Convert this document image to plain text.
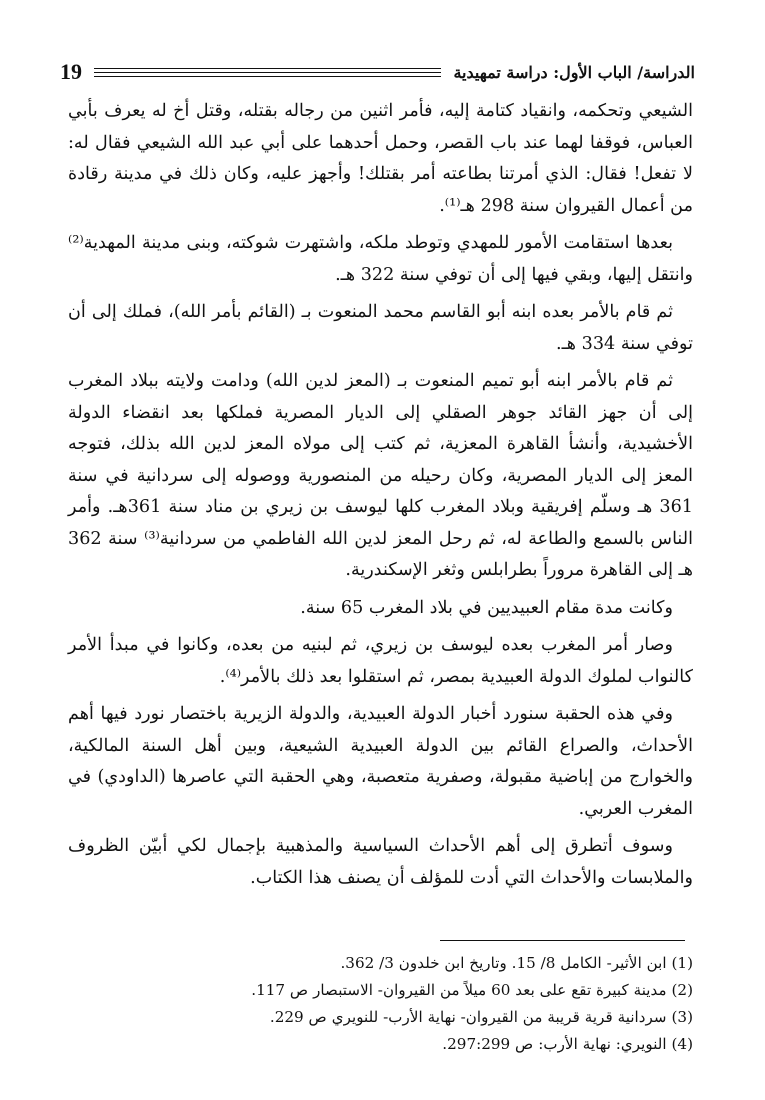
19	الدراسة/ الباب الأول: دراسة تمهيدية

الشيعي وتحكمه، وانقياد كتامة إليه، فأمر اثنين من رجاله بقتله، وقتل أخ له يعرف بأبي العباس، فوقفا لهما عند باب القصر، وحمل أحدهما على أبي عبد الله الشيعي فقال له: لا تفعل! فقال: الذي أمرتنا بطاعته أمر بقتلك! وأجهز عليه، وكان ذلك في مدينة رقادة من أعمال القيروان سنة 298 هـ⁽¹⁾.

بعدها استقامت الأمور للمهدي وتوطد ملكه، واشتهرت شوكته، وبنى مدينة المهدية⁽²⁾ وانتقل إليها، وبقي فيها إلى أن توفي سنة 322 هـ.

ثم قام بالأمر بعده ابنه أبو القاسم محمد المنعوت بـ (القائم بأمر الله)، فملك إلى أن توفي سنة 334 هـ.

ثم قام بالأمر ابنه أبو تميم المنعوت بـ (المعز لدين الله) ودامت ولايته ببلاد المغرب إلى أن جهز القائد جوهر الصقلي إلى الديار المصرية فملكها بعد انقضاء الدولة الأخشيدية، وأنشأ القاهرة المعزية، ثم كتب إلى مولاه المعز لدين الله بذلك، فتوجه المعز إلى الديار المصرية، وكان رحيله من المنصورية ووصوله إلى سردانية في سنة 361 هـ وسلّم إفريقية وبلاد المغرب كلها ليوسف بن زيري بن مناد سنة 361هـ. وأمر الناس بالسمع والطاعة له، ثم رحل المعز لدين الله الفاطمي من سردانية⁽³⁾ سنة 362 هـ إلى القاهرة مروراً بطرابلس وثغر الإسكندرية.

وكانت مدة مقام العبيديين في بلاد المغرب 65 سنة.

وصار أمر المغرب بعده ليوسف بن زيري، ثم لبنيه من بعده، وكانوا في مبدأ الأمر كالنواب لملوك الدولة العبيدية بمصر، ثم استقلوا بعد ذلك بالأمر⁽⁴⁾.

وفي هذه الحقبة سنورد أخبار الدولة العبيدية، والدولة الزيرية باختصار نورد فيها أهم الأحداث، والصراع القائم بين الدولة العبيدية الشيعية، وبين أهل السنة المالكية، والخوارج من إباضية مقبولة، وصفرية متعصبة، وهي الحقبة التي عاصرها (الداودي) في المغرب العربي.

وسوف أتطرق إلى أهم الأحداث السياسية والمذهبية بإجمال لكي أبيّن الظروف والملابسات والأحداث التي أدت للمؤلف أن يصنف هذا الكتاب.

(1) ابن الأثير- الكامل 8/ 15. وتاريخ ابن خلدون 3/ 362.
(2) مدينة كبيرة تقع على بعد 60 ميلاً من القيروان- الاستبصار ص 117.
(3) سردانية قرية قريبة من القيروان- نهاية الأرب- للنويري ص 229.
(4) النويري: نهاية الأرب: ص 297:299.
